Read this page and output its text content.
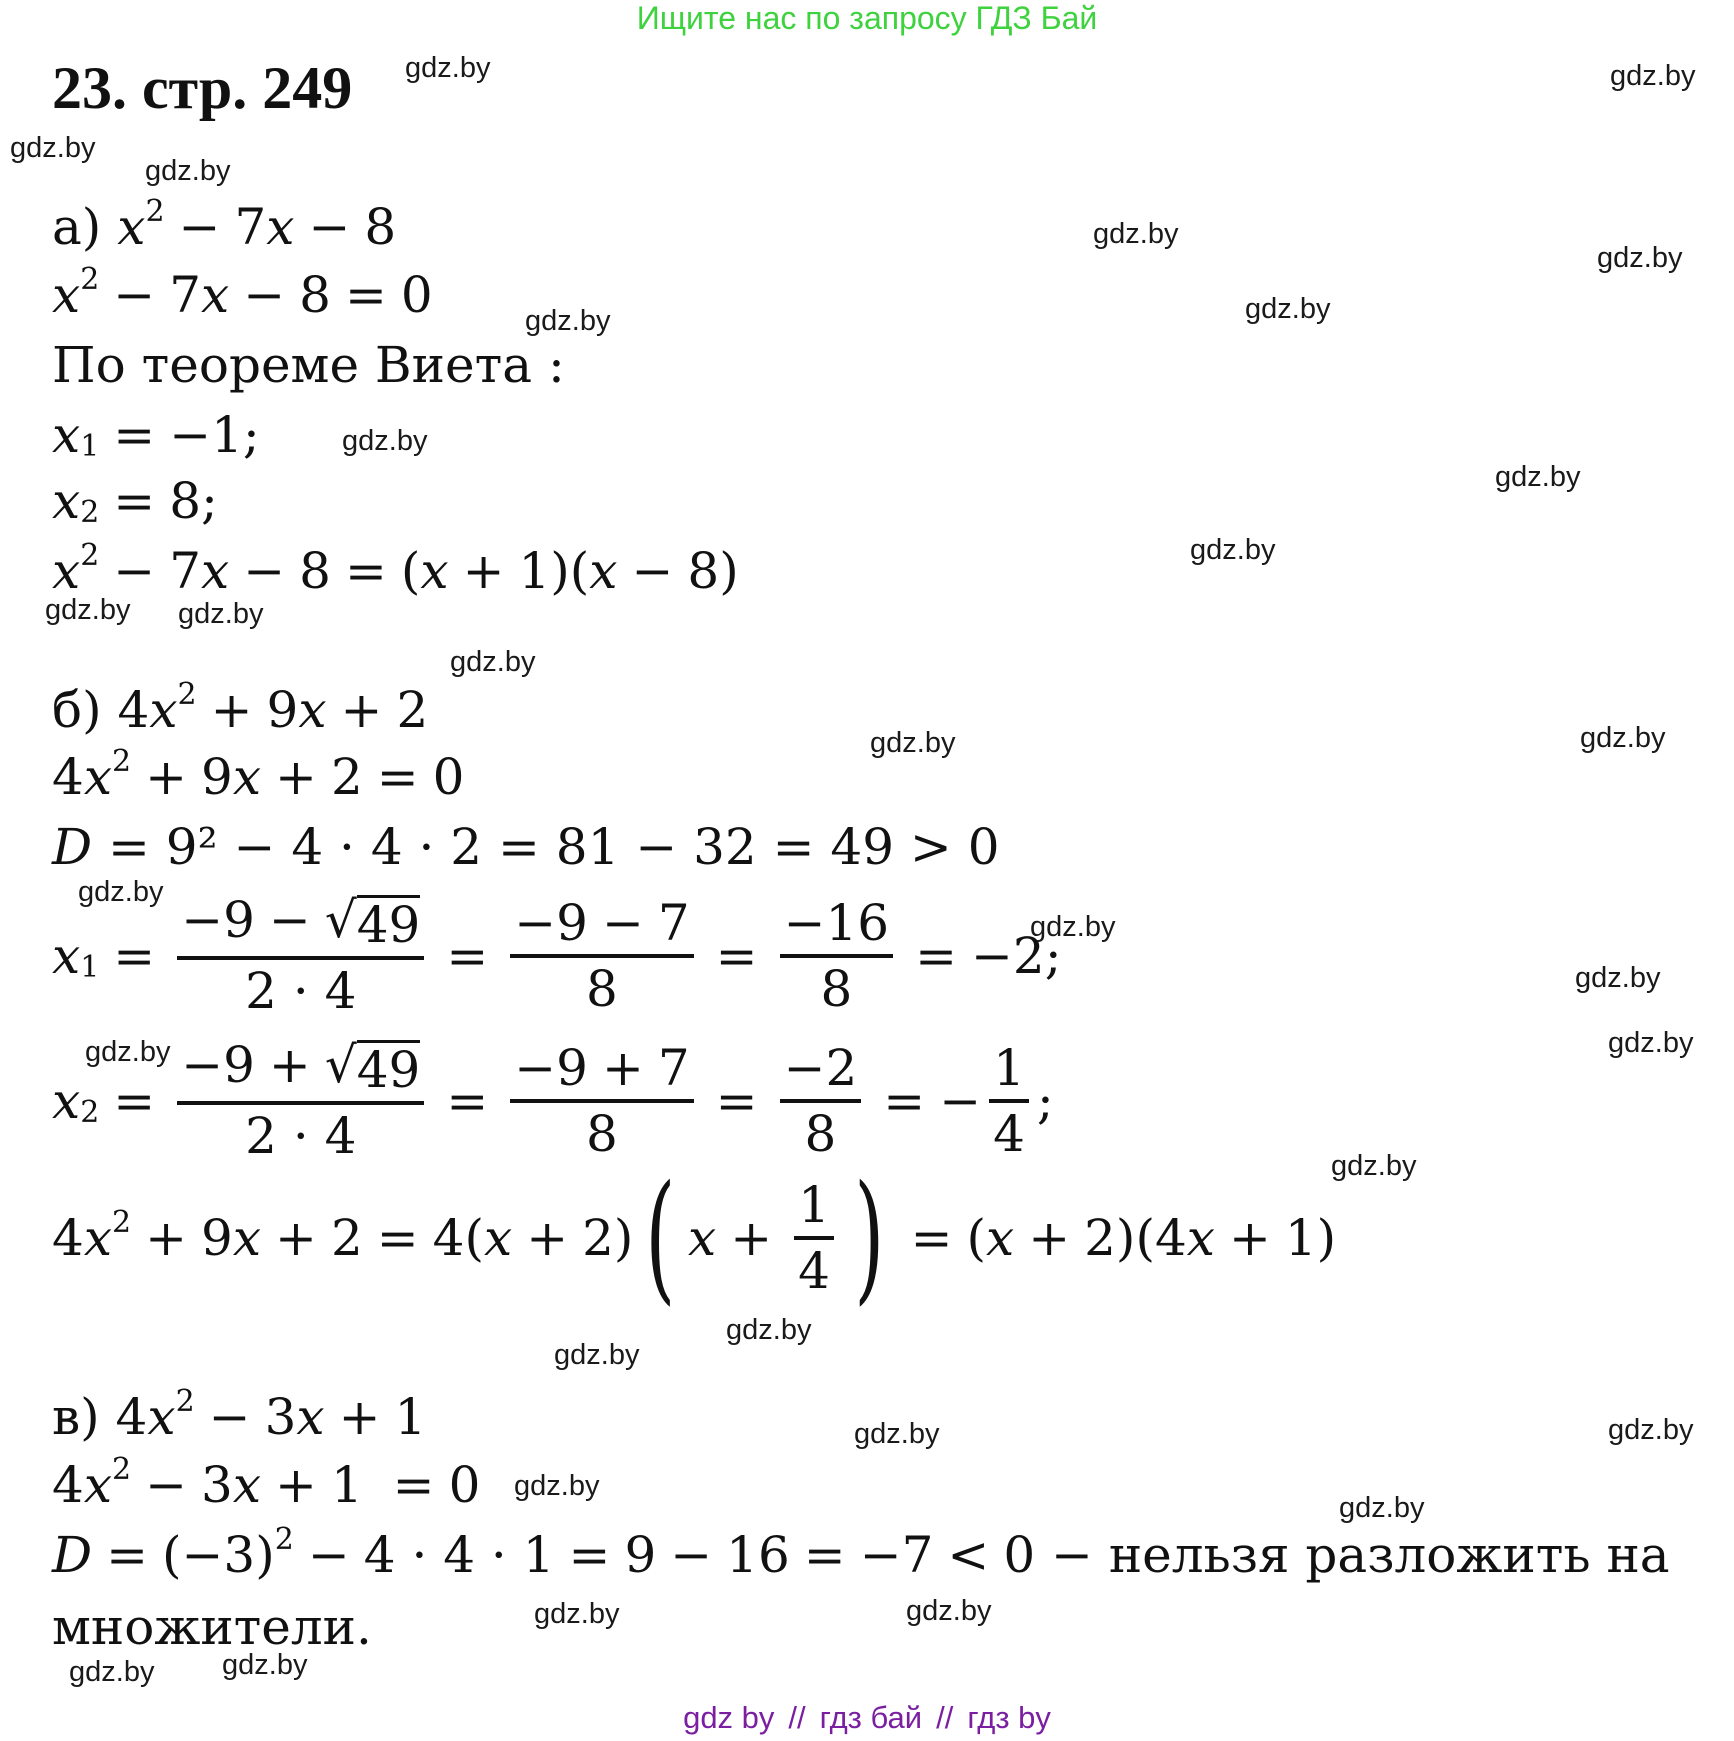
Ищите нас по запросу ГДЗ Бай
23. стр. 249 gdz.by	gdz.by
gdz.by
gdz.by
gdz.by
gdz.by
gdz.by
gdz.by
gdz.by
gdz.by
gdz.by
gdz.by gdz.by
gdz.by
gdz.by
gdz.by
gdz.by
gdz.by
gdz.by
gdz.by
gdz.by
gdz.by
gdz.by
gdz.by
gdz.by	gdz.by
gdz.by
gdz.by
gdz.by
gdz.by
gdz.by
gdz.by
а)
$x^2 - 7$ x − 8
$x^2 - 7$ x − 8 = 0
По теореме Виета :
$x_1 = -1$;
$x_2 = 8$;
$x^2 - 7$ x − 8 = ( x + 1)( x − 8)
б) 4 $x^2 + 9$ x + 2
4 $x^2 + 9$ x + 2 = 0
D
= 9² − 4 · 4 · 2 = 81 − 32 = 49 > 0
$x_1 = \frac{-9 - √ 49}{2 \cdot 4} = \frac{-9 - 7}{8} = \frac{-16}{8} = -2$;
$x_2 = \frac{-9 + √ 49}{2 \cdot 4} = \frac{-9 + 7}{8} = \frac{-2}{8}$ = − $\frac{1}{4}$ ;
4 $x^2 + 9$ x + 2 = 4( x + 2) ( $x + \frac{1}{4}$ ) = ( x + 2)(4 x + 1)
в) 4 $x^2 - 3$ x + 1
4 $x^2 - 3$ x + 1 = 0
$D = (-3)^2 - 4 \cdot 4 \cdot 1 = 9 - 16 = -7 < 0$ − нельзя разложить на
множители.
gdz by // гдз бай // гдз by
